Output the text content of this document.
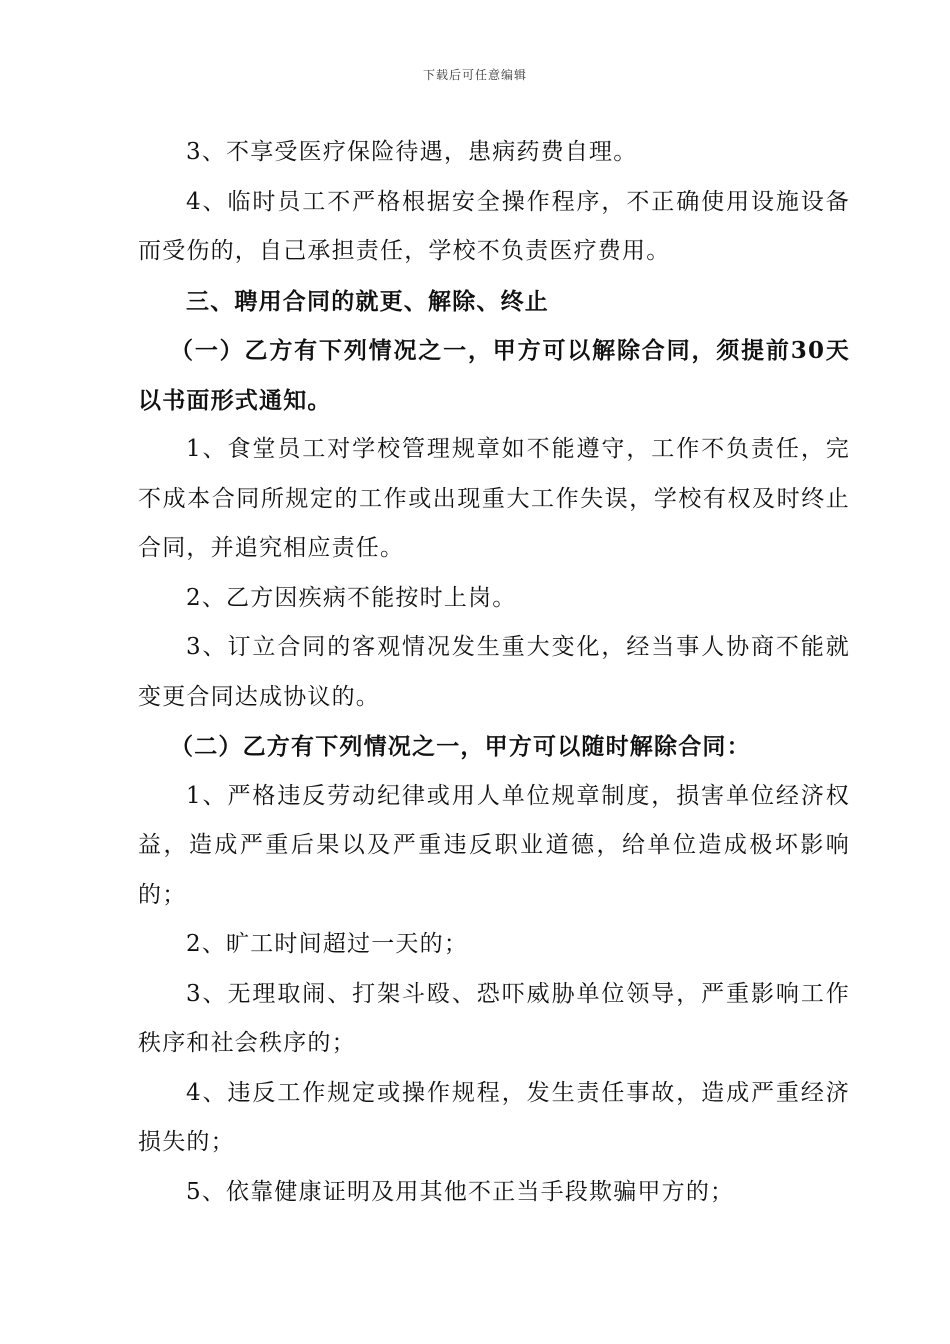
下载后可任意编辑

3、不享受医疗保险待遇，患病药费自理。

4、临时员工不严格根据安全操作程序，不正确使用设施设备而受伤的，自己承担责任，学校不负责医疗费用。

三、聘用合同的就更、解除、终止

（一）乙方有下列情况之一，甲方可以解除合同，须提前30天以书面形式通知。

1、食堂员工对学校管理规章如不能遵守，工作不负责任，完不成本合同所规定的工作或出现重大工作失误，学校有权及时终止合同，并追究相应责任。

2、乙方因疾病不能按时上岗。

3、订立合同的客观情况发生重大变化，经当事人协商不能就变更合同达成协议的。

（二）乙方有下列情况之一，甲方可以随时解除合同：

1、严格违反劳动纪律或用人单位规章制度，损害单位经济权益，造成严重后果以及严重违反职业道德，给单位造成极坏影响的；

2、旷工时间超过一天的；

3、无理取闹、打架斗殴、恐吓威胁单位领导，严重影响工作秩序和社会秩序的；

4、违反工作规定或操作规程，发生责任事故，造成严重经济损失的；

5、依靠健康证明及用其他不正当手段欺骗甲方的；
